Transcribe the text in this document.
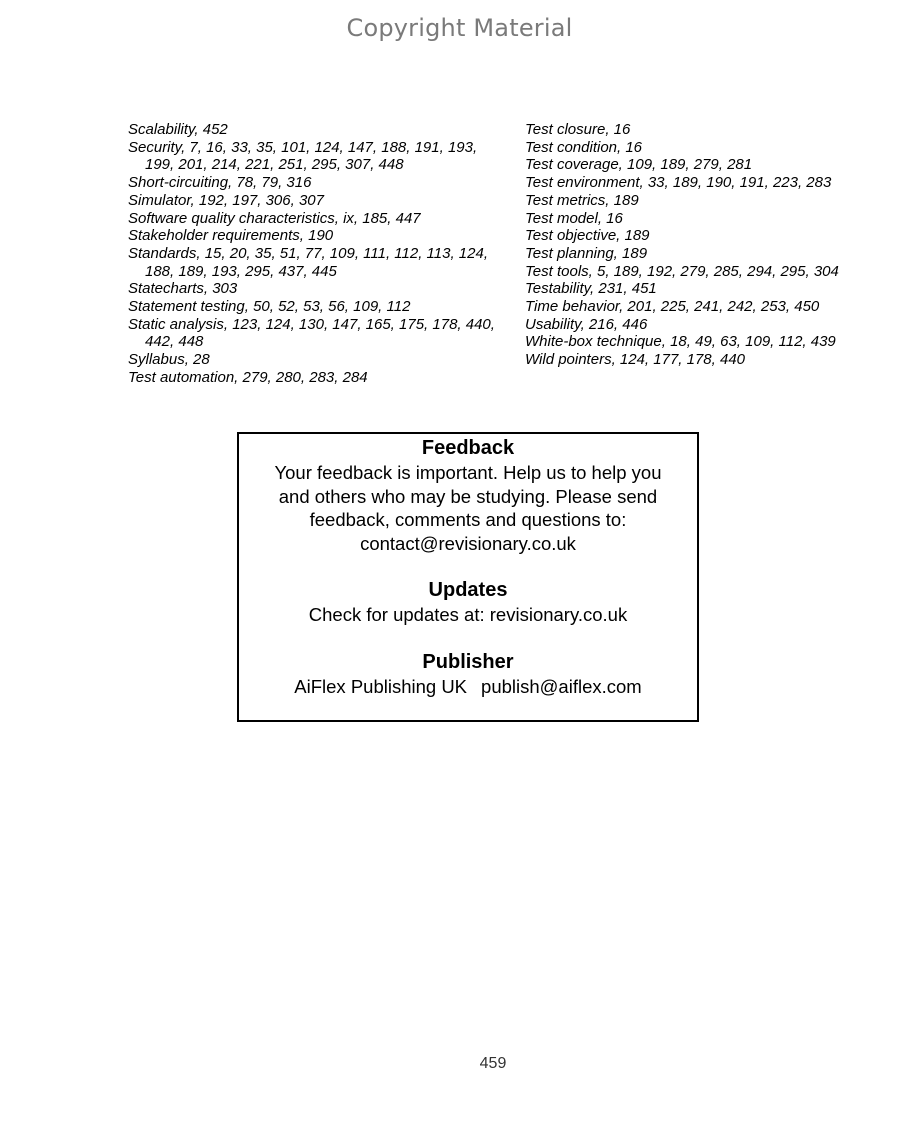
Copyright Material
Scalability, 452
Security, 7, 16, 33, 35, 101, 124, 147, 188, 191, 193, 199, 201, 214, 221, 251, 295, 307, 448
Short-circuiting, 78, 79, 316
Simulator, 192, 197, 306, 307
Software quality characteristics, ix, 185, 447
Stakeholder requirements, 190
Standards, 15, 20, 35, 51, 77, 109, 111, 112, 113, 124, 188, 189, 193, 295, 437, 445
Statecharts, 303
Statement testing, 50, 52, 53, 56, 109, 112
Static analysis, 123, 124, 130, 147, 165, 175, 178, 440, 442, 448
Syllabus, 28
Test automation, 279, 280, 283, 284
Test closure, 16
Test condition, 16
Test coverage, 109, 189, 279, 281
Test environment, 33, 189, 190, 191, 223, 283
Test metrics, 189
Test model, 16
Test objective, 189
Test planning, 189
Test tools, 5, 189, 192, 279, 285, 294, 295, 304
Testability, 231, 451
Time behavior, 201, 225, 241, 242, 253, 450
Usability, 216, 446
White-box technique, 18, 49, 63, 109, 112, 439
Wild pointers, 124, 177, 178, 440
Feedback
Your feedback is important. Help us to help you and others who may be studying. Please send feedback, comments and questions to:
contact@revisionary.co.uk
Updates
Check for updates at: revisionary.co.uk
Publisher
AiFlex Publishing UK publish@aiflex.com
459
